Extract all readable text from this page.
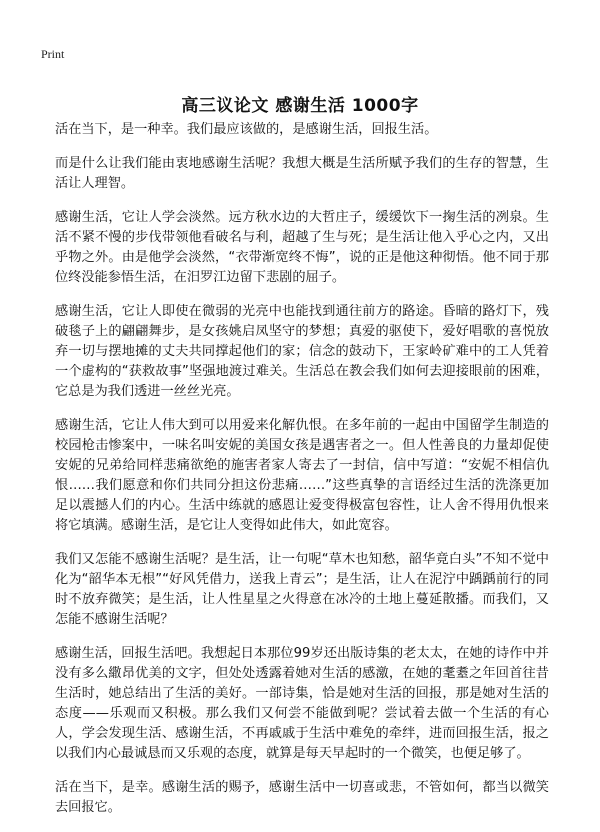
Print
高三议论文 感谢生活 1000字

活在当下，是一种幸。我们最应该做的，是感谢生活，回报生活。

而是什么让我们能由衷地感谢生活呢？我想大概是生活所赋予我们的生存的智慧，生活让人理智。

感谢生活，它让人学会淡然。远方秋水边的大哲庄子，缓缓饮下一掬生活的冽泉。生活不紧不慢的步伐带领他看破名与利，超越了生与死；是生活让他入乎心之内，又出乎物之外。由是他学会淡然，“衣带渐宽终不悔”，说的正是他这种彻悟。他不同于那位终没能参悟生活，在汨罗江边留下悲剧的屈子。

感谢生活，它让人即使在微弱的光亮中也能找到通往前方的路途。昏暗的路灯下，残破毯子上的翩翩舞步，是女孩姚启凤坚守的梦想；真爱的驱使下，爱好唱歌的喜悦放弃一切与摆地摊的丈夫共同撑起他们的家；信念的鼓动下，王家岭矿难中的工人凭着一个虚构的“获救故事”坚强地渡过难关。生活总在教会我们如何去迎接眼前的困难，它总是为我们透进一丝丝光亮。

感谢生活，它让人伟大到可以用爱来化解仇恨。在多年前的一起由中国留学生制造的校园枪击惨案中，一味名叫安妮的美国女孩是遇害者之一。但人性善良的力量却促使安妮的兄弟给同样悲痛欲绝的施害者家人寄去了一封信，信中写道：“安妮不相信仇恨……我们愿意和你们共同分担这份悲痛……”这些真挚的言语经过生活的洗涤更加足以震撼人们的内心。生活中练就的感恩让爱变得极富包容性，让人舍不得用仇恨来将它填满。感谢生活，是它让人变得如此伟大，如此宽容。

我们又怎能不感谢生活呢？是生活，让一句呢“草木也知愁，韶华竟白头”不知不觉中化为“韶华本无根”“好风凭借力，送我上青云”；是生活，让人在泥泞中踽踽前行的同时不放弃微笑；是生活，让人性星星之火得意在冰冷的土地上蔓延散播。而我们，又怎能不感谢生活呢？

感谢生活，回报生活吧。我想起日本那位99岁还出版诗集的老太太，在她的诗作中并没有多么繖昂优美的文字，但处处透露着她对生活的感激，在她的耄耋之年回首往昔生活时，她总结出了生活的美好。一部诗集，恰是她对生活的回报，那是她对生活的态度——乐观而又积极。那么我们又何尝不能做到呢？尝试着去做一个生活的有心人，学会发现生活、感谢生活，不再戚戚于生活中难免的牵绊，进而回报生活，报之以我们内心最诚恳而又乐观的态度，就算是每天早起时的一个微笑，也便足够了。

活在当下，是幸。感谢生活的赐予，感谢生活中一切喜或悲，不管如何，都当以微笑去回报它。
